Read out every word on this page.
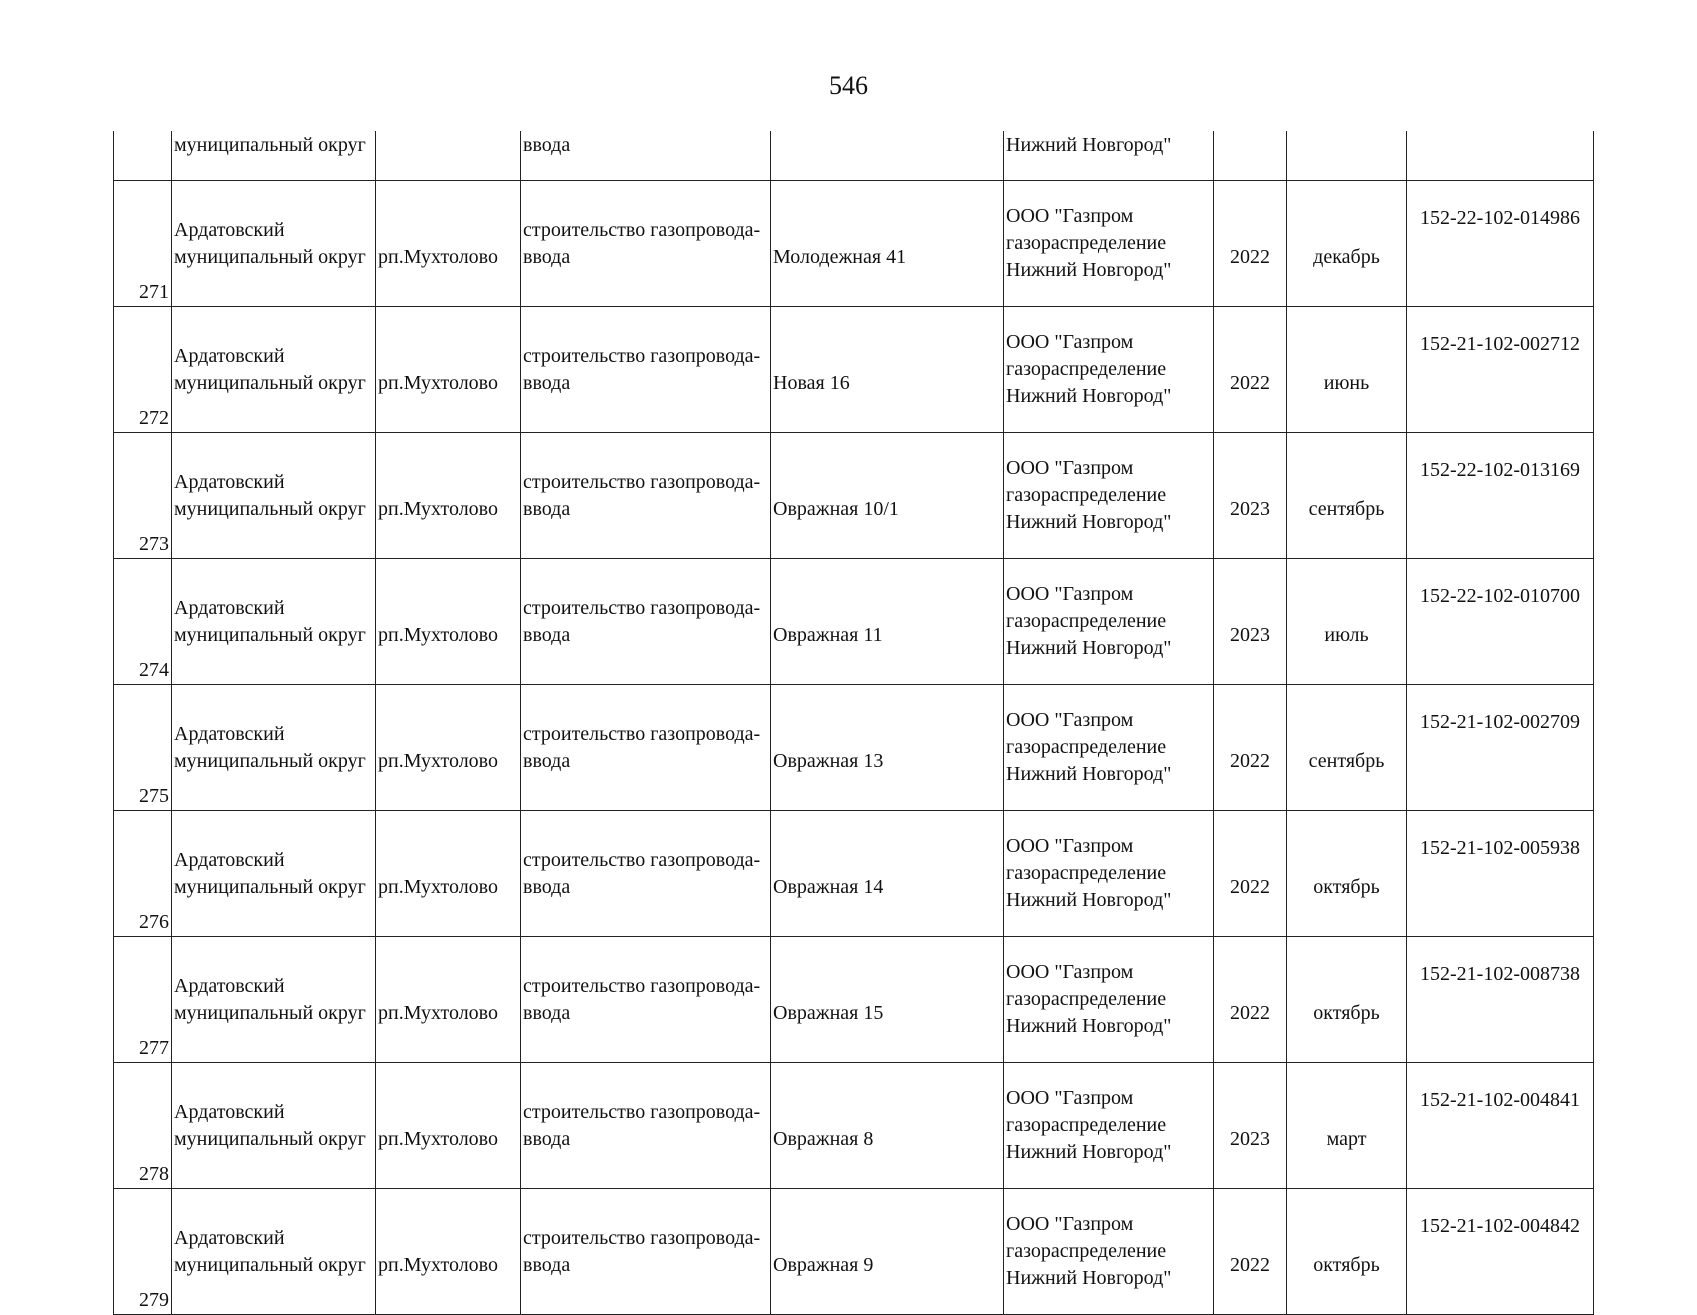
546
	муниципальный округ		ввода		Нижний Новгород"			
271	Ардатовский
муниципальный округ	рп.Мухтолово	строительство газопровода-
ввода	Молодежная 41	ООО "Газпром
газораспределение
Нижний Новгород"	2022	декабрь	152-22-102-014986
272	Ардатовский
муниципальный округ	рп.Мухтолово	строительство газопровода-
ввода	Новая 16	ООО "Газпром
газораспределение
Нижний Новгород"	2022	июнь	152-21-102-002712
273	Ардатовский
муниципальный округ	рп.Мухтолово	строительство газопровода-
ввода	Овражная 10/1	ООО "Газпром
газораспределение
Нижний Новгород"	2023	сентябрь	152-22-102-013169
274	Ардатовский
муниципальный округ	рп.Мухтолово	строительство газопровода-
ввода	Овражная 11	ООО "Газпром
газораспределение
Нижний Новгород"	2023	июль	152-22-102-010700
275	Ардатовский
муниципальный округ	рп.Мухтолово	строительство газопровода-
ввода	Овражная 13	ООО "Газпром
газораспределение
Нижний Новгород"	2022	сентябрь	152-21-102-002709
276	Ардатовский
муниципальный округ	рп.Мухтолово	строительство газопровода-
ввода	Овражная 14	ООО "Газпром
газораспределение
Нижний Новгород"	2022	октябрь	152-21-102-005938
277	Ардатовский
муниципальный округ	рп.Мухтолово	строительство газопровода-
ввода	Овражная 15	ООО "Газпром
газораспределение
Нижний Новгород"	2022	октябрь	152-21-102-008738
278	Ардатовский
муниципальный округ	рп.Мухтолово	строительство газопровода-
ввода	Овражная 8	ООО "Газпром
газораспределение
Нижний Новгород"	2023	март	152-21-102-004841
279	Ардатовский
муниципальный округ	рп.Мухтолово	строительство газопровода-
ввода	Овражная 9	ООО "Газпром
газораспределение
Нижний Новгород"	2022	октябрь	152-21-102-004842
